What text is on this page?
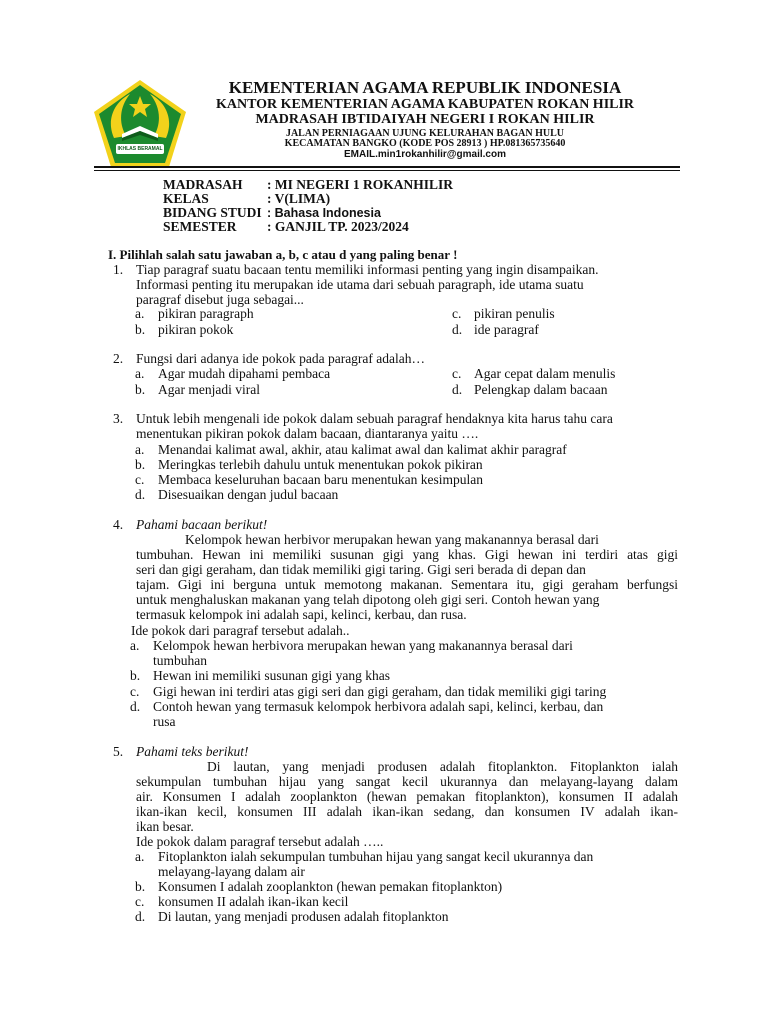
IKHLAS BERAMAL
KEMENTERIAN AGAMA REPUBLIK INDONESIA
KANTOR KEMENTERIAN AGAMA KABUPATEN ROKAN HILIR
MADRASAH IBTIDAIYAH NEGERI I ROKAN HILIR
JALAN PERNIAGAAN UJUNG KELURAHAN BAGAN HULU
KECAMATAN BANGKO (KODE POS 28913 ) HP.081365735640
EMAIL.min1rokanhilir@gmail.com
MADRASAH : MI NEGERI 1 ROKANHILIR
KELAS	: V(LIMA)
BIDANG STUDI : Bahasa Indonesia
SEMESTER : GANJIL TP. 2023/2024
I. Pilihlah salah satu jawaban a, b, c atau d yang paling benar !
1. Tiap paragraf suatu bacaan tentu memiliki informasi penting yang ingin disampaikan.
Informasi penting itu merupakan ide utama dari sebuah paragraph, ide utama suatu
paragraf disebut juga sebagai...
a. pikiran paragraph	c. pikiran penulis
b. pikiran pokok	d. ide paragraf
2. Fungsi dari adanya ide pokok pada paragraf adalah…
a. Agar mudah dipahami pembaca	c. Agar cepat dalam menulis
b. Agar menjadi viral	d. Pelengkap dalam bacaan
3. Untuk lebih mengenali ide pokok dalam sebuah paragraf hendaknya kita harus tahu cara
menentukan pikiran pokok dalam bacaan, diantaranya yaitu ….
a. Menandai kalimat awal, akhir, atau kalimat awal dan kalimat akhir paragraf
b. Meringkas terlebih dahulu untuk menentukan pokok pikiran
c. Membaca keseluruhan bacaan baru menentukan kesimpulan
d. Disesuaikan dengan judul bacaan
4. Pahami bacaan berikut!
Kelompok hewan herbivor merupakan hewan yang makanannya berasal dari
tumbuhan. Hewan ini memiliki susunan gigi yang khas. Gigi hewan ini terdiri atas gigi
seri dan gigi geraham, dan tidak memiliki gigi taring. Gigi seri berada di depan dan
tajam. Gigi ini berguna untuk memotong makanan. Sementara itu, gigi geraham berfungsi
untuk menghaluskan makanan yang telah dipotong oleh gigi seri. Contoh hewan yang
termasuk kelompok ini adalah sapi, kelinci, kerbau, dan rusa.
Ide pokok dari paragraf tersebut adalah..
a. Kelompok hewan herbivora merupakan hewan yang makanannya berasal dari
tumbuhan
b. Hewan ini memiliki susunan gigi yang khas
c. Gigi hewan ini terdiri atas gigi seri dan gigi geraham, dan tidak memiliki gigi taring
d. Contoh hewan yang termasuk kelompok herbivora adalah sapi, kelinci, kerbau, dan
rusa
5. Pahami teks berikut!
Di lautan, yang menjadi produsen adalah fitoplankton. Fitoplankton ialah
sekumpulan tumbuhan hijau yang sangat kecil ukurannya dan melayang-layang dalam
air. Konsumen I adalah zooplankton (hewan pemakan fitoplankton), konsumen II adalah
ikan-ikan kecil, konsumen III adalah ikan-ikan sedang, dan konsumen IV adalah ikan-
ikan besar.
Ide pokok dalam paragraf tersebut adalah …..
a. Fitoplankton ialah sekumpulan tumbuhan hijau yang sangat kecil ukurannya dan
melayang-layang dalam air
b. Konsumen I adalah zooplankton (hewan pemakan fitoplankton)
c. konsumen II adalah ikan-ikan kecil
d. Di lautan, yang menjadi produsen adalah fitoplankton
